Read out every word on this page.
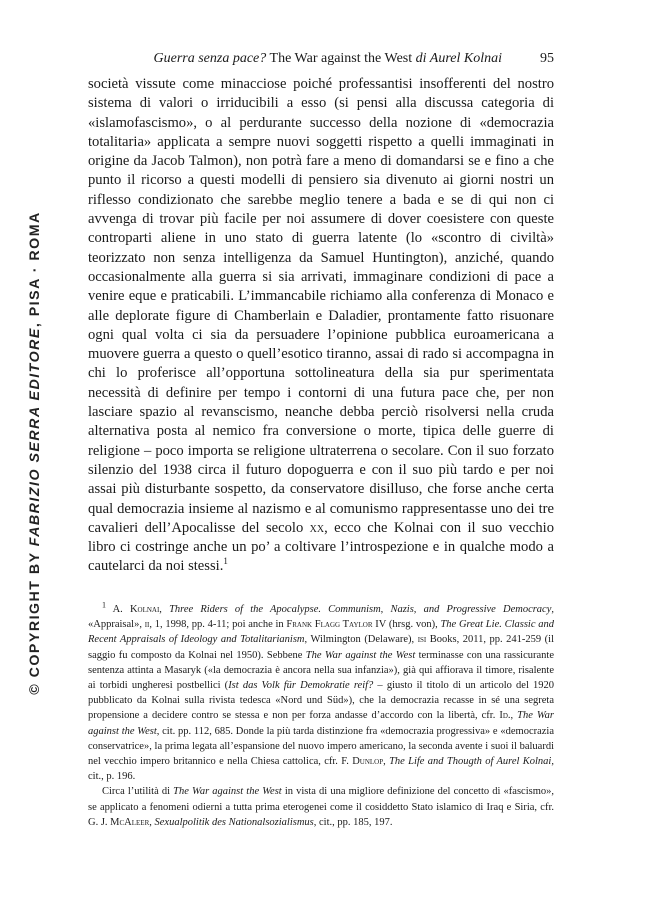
© COPYRIGHT BY FABRIZIO SERRA EDITORE, PISA · ROMA
Guerra senza pace? The War against the West di Aurel Kolnai	95

società vissute come minacciose poiché professantisi insofferenti del nostro sistema di valori o irriducibili a esso (si pensi alla discussa categoria di «islamofascismo», o al perdurante successo della nozione di «democrazia totalitaria» applicata a sempre nuovi soggetti rispetto a quelli immaginati in origine da Jacob Talmon), non potrà fare a meno di domandarsi se e fino a che punto il ricorso a questi modelli di pensiero sia divenuto ai giorni nostri un riflesso condizionato che sarebbe meglio tenere a bada e se di qui non ci avvenga di trovar più facile per noi assumere di dover coesistere con queste controparti aliene in uno stato di guerra latente (lo «scontro di civiltà» teorizzato non senza intelligenza da Samuel Huntington), anziché, quando occasionalmente alla guerra si sia arrivati, immaginare condizioni di pace a venire eque e praticabili. L’immancabile richiamo alla conferenza di Monaco e alle deplorate figure di Chamberlain e Daladier, prontamente fatto risuonare ogni qual volta ci sia da persuadere l’opinione pubblica euroamericana a muovere guerra a questo o quell’esotico tiranno, assai di rado si accompagna in chi lo proferisce all’opportuna sottolineatura della sia pur sperimentata necessità di definire per tempo i contorni di una futura pace che, per non lasciare spazio al revanscismo, neanche debba perciò risolversi nella cruda alternativa posta al nemico fra conversione o morte, tipica delle guerre di religione – poco importa se religione ultraterrena o secolare. Con il suo forzato silenzio del 1938 circa il futuro dopoguerra e con il suo più tardo e per noi assai più disturbante sospetto, da conservatore disilluso, che forse anche certa qual democrazia insieme al nazismo e al comunismo rappresentasse uno dei tre cavalieri dell’Apocalisse del secolo xx, ecco che Kolnai con il suo vecchio libro ci costringe anche un po’ a coltivare l’introspezione e in qualche modo a cautelarci da noi stessi.$^1$

$^1$ A. Kolnai, Three Riders of the Apocalypse. Communism, Nazis, and Progressive Democracy, «Appraisal», ii, 1, 1998, pp. 4-11; poi anche in Frank Flagg Taylor IV (hrsg. von), The Great Lie. Classic and Recent Appraisals of Ideology and Totalitarianism, Wilmington (Delaware), isi Books, 2011, pp. 241-259 (il saggio fu composto da Kolnai nel 1950). Sebbene The War against the West terminasse con una rassicurante sentenza attinta a Masaryk («la democrazia è ancora nella sua infanzia»), già qui affiorava il timore, risalente ai torbidi ungheresi postbellici (Ist das Volk für Demokratie reif? – giusto il titolo di un articolo del 1920 pubblicato da Kolnai sulla rivista tedesca «Nord und Süd»), che la democrazia recasse in sé una segreta propensione a decidere contro se stessa e non per forza andasse d’accordo con la libertà, cfr. Id., The War against the West, cit. pp. 112, 685. Donde la più tarda distinzione fra «democrazia progressiva» e «democrazia conservatrice», la prima legata all’espansione del nuovo impero americano, la seconda avente i suoi il baluardi nel vecchio impero britannico e nella Chiesa cattolica, cfr. F. Dunlop, The Life and Thougth of Aurel Kolnai, cit., p. 196.

Circa l’utilità di The War against the West in vista di una migliore definizione del concetto di «fascismo», se applicato a fenomeni odierni a tutta prima eterogenei come il cosiddetto Stato islamico di Iraq e Siria, cfr. G. J. McAleer, Sexualpolitik des Nationalsozialismus, cit., pp. 185, 197.
